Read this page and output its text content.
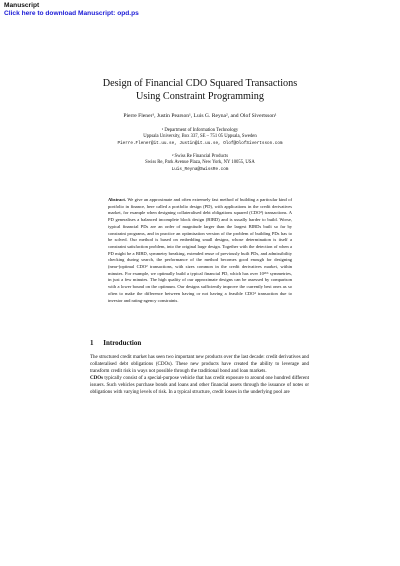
Manuscript
Click here to download Manuscript: opd.ps
Design of Financial CDO Squared Transactions
Using Constraint Programming
Pierre Flener¹, Justin Pearson¹, Luis G. Reyna², and Olof Sivertsson¹
¹ Department of Information Technology
Uppsala University, Box 337, SE – 751 05 Uppsala, Sweden
Pierre.Flener@it.uu.se, Justin@it.uu.se, Olof@OlofSivertsson.com
² Swiss Re Financial Products
Swiss Re, Park Avenue Plaza, New York, NY 10055, USA
Luis_Reyna@SwissRe.com
Abstract. We give an approximate and often extremely fast method of building a particular kind of portfolio in finance, here called a portfolio design (PD), with applications in the credit derivatives market, for example when designing collateralised debt obligations squared (CDO²) transactions. A PD generalises a balanced incomplete block design (BIBD) and is usually harder to build. Worse, typical financial PDs are an order of magnitude larger than the largest BIBDs built so far by constraint programs, and in practice an optimisation version of the problem of building PDs has to be solved. Our method is based on embedding small designs, whose determination is itself a constraint satisfaction problem, into the original large design. Together with the detection of when a PD might be a BIBD, symmetry breaking, extended reuse of previously built PDs, and admissibility checking during search, the performance of the method becomes good enough for designing (near-)optimal CDO² transactions, with sizes common in the credit derivatives market, within minutes. For example, we optimally build a typical financial PD, which has over 10²⁶⁶ symmetries, in just a few minutes. The high quality of our approximate designs can be assessed by comparison with a lower bound on the optimum. Our designs sufficiently improve the currently best ones as so often to make the difference between having or not having a feasible CDO² transaction due to investor and rating-agency constraints.
1 Introduction

The structured credit market has seen two important new products over the last decade: credit derivatives and collateralised debt obligations (CDOs). These new products have created the ability to leverage and transform credit risk in ways not possible through the traditional bond and loan markets.

CDOs typically consist of a special-purpose vehicle that has credit exposure to around one hundred different issuers. Such vehicles purchase bonds and loans and other financial assets through the issuance of notes or obligations with varying levels of risk. In a typical structure, credit losses in the underlying pool are
